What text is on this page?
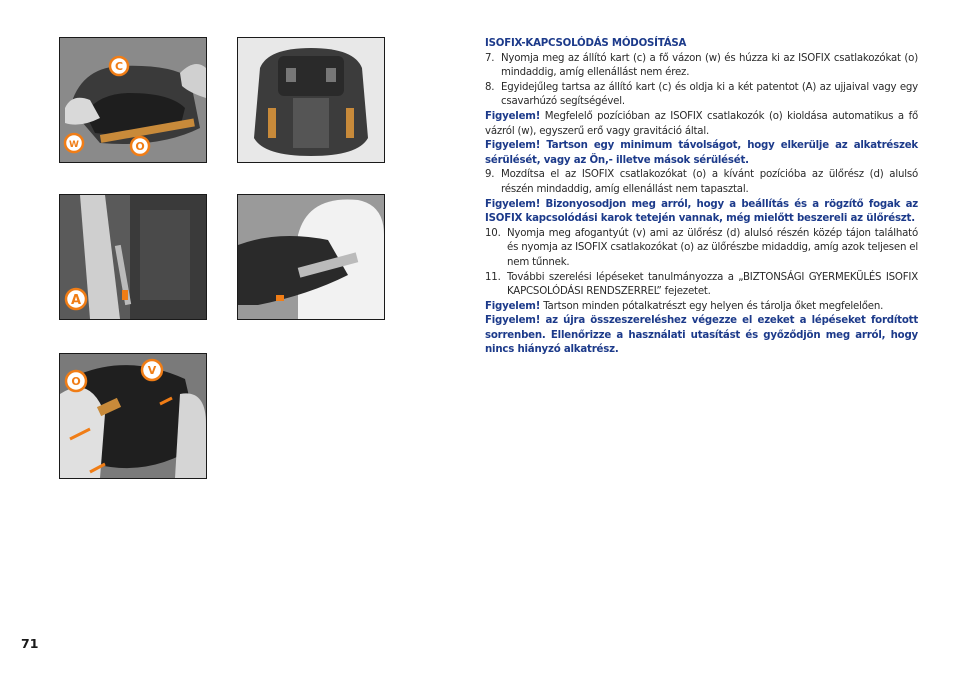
C
W	O
A
O
V

ISOFIX-KAPCSOLÓDÁS MÓDOSÍTÁSA

7. Nyomja meg az állító kart (c) a fő vázon (w) és húzza ki az ISOFIX csatlakozókat (o) mindaddig, amíg ellenállást nem érez.
8. Egyidejűleg tartsa az állító kart (c) és oldja ki a két patentot (A) az ujjaival vagy egy csavarhúzó segítségével.

Figyelem! Megfelelő pozícióban az ISOFIX csatlakozók (o) kioldása automatikus a fő vázról (w), egyszerű erő vagy gravitáció által.

Figyelem! Tartson egy minimum távolságot, hogy elkerülje az alkatrészek sérülését, vagy az Ön,- illetve mások sérülését.

9. Mozdítsa el az ISOFIX csatlakozókat (o) a kívánt pozícióba az ülőrész (d) alulsó részén mindaddig, amíg ellenállást nem tapasztal.

Figyelem! Bizonyosodjon meg arról, hogy a beállítás és a rögzítő fogak az ISOFIX kapcsolódási karok tetején vannak, még mielőtt beszereli az ülőrészt.

10. Nyomja meg afogantyút (v) ami az ülőrész (d) alulsó részén közép tájon található és nyomja az ISOFIX csatlakozókat (o) az ülőrészbe midaddig, amíg azok teljesen el nem tűnnek.
11. További szerelési lépéseket tanulmányozza a „BIZTONSÁGI GYERMEKÜLÉS ISOFIX KAPCSOLÓDÁSI RENDSZERREL” fejezetet.

Figyelem! Tartson minden pótalkatrészt egy helyen és tárolja őket megfelelően.

Figyelem! az újra összeszereléshez végezze el ezeket a lépéseket fordított sorrenben. Ellenőrizze a használati utasítást és győződjön meg arról, hogy nincs hiányzó alkatrész.

71
